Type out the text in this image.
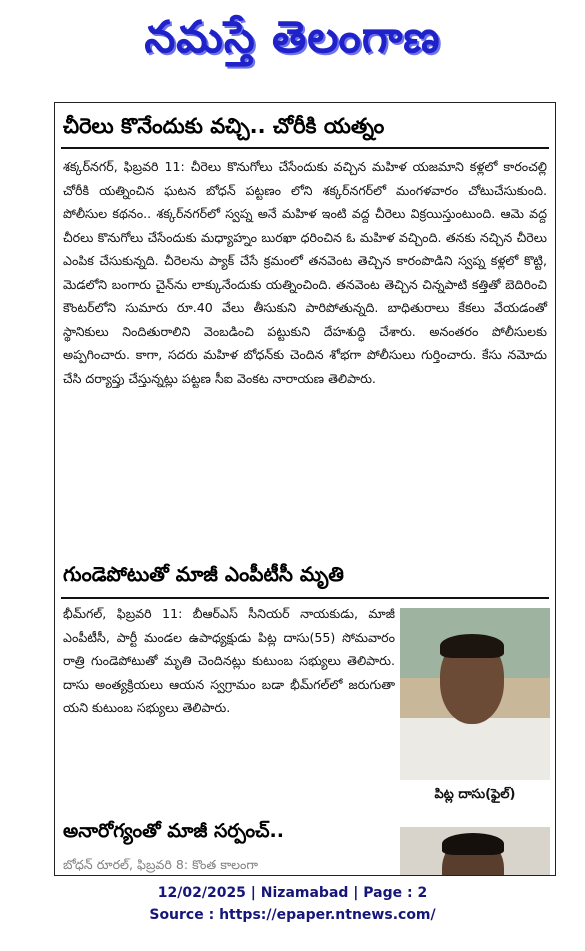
నమస్తే తెలంగాణ
చీరెలు కొనేందుకు వచ్చి.. చోరీకి యత్నం
శక్కర్‌నగర్, ఫిబ్రవరి 11: చీరెలు కొనుగోలు చేసేందుకు వచ్చిన మహిళ యజమాని కళ్లలో కారంచల్లి చోరీకి యత్నించిన ఘటన బోధన్ పట్టణం లోని శక్కర్‌నగర్‌లో మంగళవారం చోటుచేసుకుంది. పోలీసుల కథనం.. శక్కర్‌నగర్‌లో స్వప్న అనే మహిళ ఇంటి వద్ద చీరెలు విక్రయిస్తుంటుంది. ఆమె వద్ద చీరలు కొనుగోలు చేసేందుకు మధ్యాహ్నం బురఖా ధరించిన ఓ మహిళ వచ్చింది. తనకు నచ్చిన చీరెలు ఎంపిక చేసుకున్నది. చీరెలను ప్యాక్ చేసే క్రమంలో తనవెంట తెచ్చిన కారంపొడిని స్వప్న కళ్లలో కొట్టి, మెడలోని బంగారు చైన్‌ను లాక్కునేందుకు యత్నించింది. తనవెంట తెచ్చిన చిన్నపాటి కత్తితో బెదిరించి కౌంటర్‌లోని సుమారు రూ.40 వేలు తీసుకుని పారిపోతున్నది. బాధితురాలు కేకలు వేయడంతో స్థానికులు నిందితురాలిని వెంబడించి పట్టుకుని దేహశుద్ధి చేశారు. అనంతరం పోలీసులకు అప్పగించారు. కాగా, సదరు మహిళ బోధన్‌కు చెందిన శోభగా పోలీసులు గుర్తించారు. కేసు నమోదు చేసి దర్యాప్తు చేస్తున్నట్లు పట్టణ సీఐ వెంకట నారాయణ తెలిపారు.
గుండెపోటుతో మాజీ ఎంపీటీసీ మృతి
భీమ్‌గల్, ఫిబ్రవరి 11: బీఆర్‌ఎస్ సీనియర్ నాయకుడు, మాజీ ఎంపీటీసీ, పార్టీ మండల ఉపాధ్యక్షుడు పిట్ల దాసు(55) సోమవారం రాత్రి గుండెపోటుతో మృతి చెందినట్లు కుటుంబ సభ్యులు తెలిపారు. దాసు అంత్యక్రియలు ఆయన స్వగ్రామం బడా భీమ్‌గల్‌లో జరుగుతా యని కుటుంబ సభ్యులు తెలిపారు.
పిట్ల దాసు(ఫైల్)
అనారోగ్యంతో మాజీ సర్పంచ్..
బోధన్ రూరల్, ఫిబ్రవరి 8: కొంత కాలంగా
12/02/2025 | Nizamabad | Page : 2
Source : https://epaper.ntnews.com/
